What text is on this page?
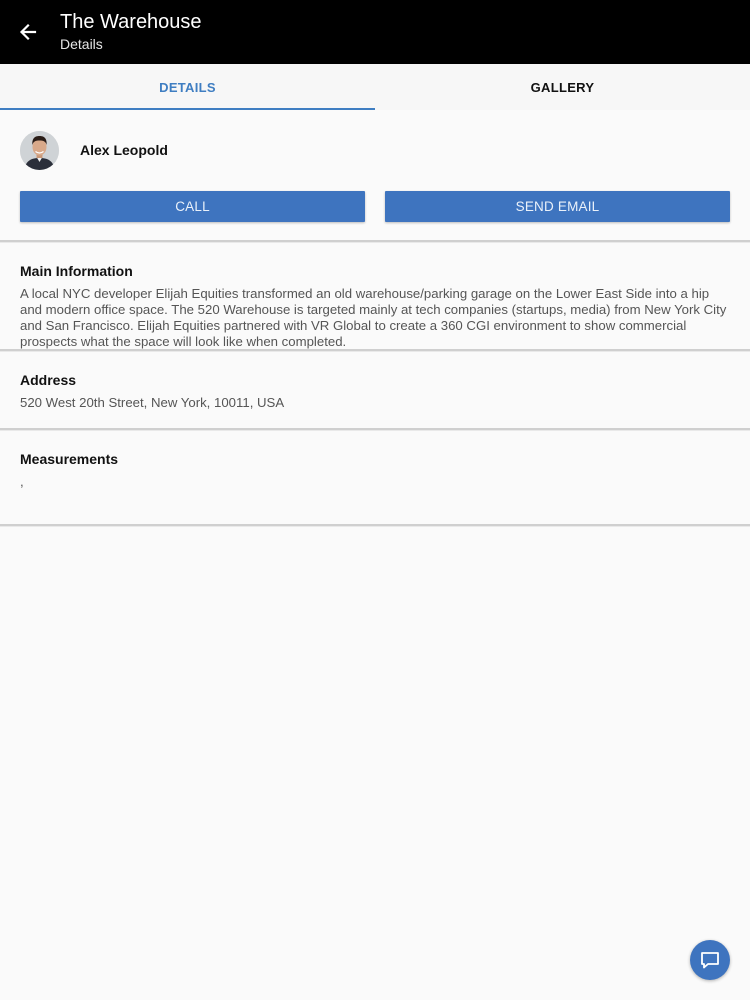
The Warehouse
Details
DETAILS	GALLERY
Alex Leopold
CALL	SEND EMAIL
Main Information
A local NYC developer Elijah Equities transformed an old warehouse/parking garage on the Lower East Side into a hip and modern office space. The 520 Warehouse is targeted mainly at tech companies (startups, media) from New York City and San Francisco. Elijah Equities partnered with VR Global to create a 360 CGI environment to show commercial prospects what the space will look like when completed.
Address
520 West 20th Street, New York, 10011, USA
Measurements
,
